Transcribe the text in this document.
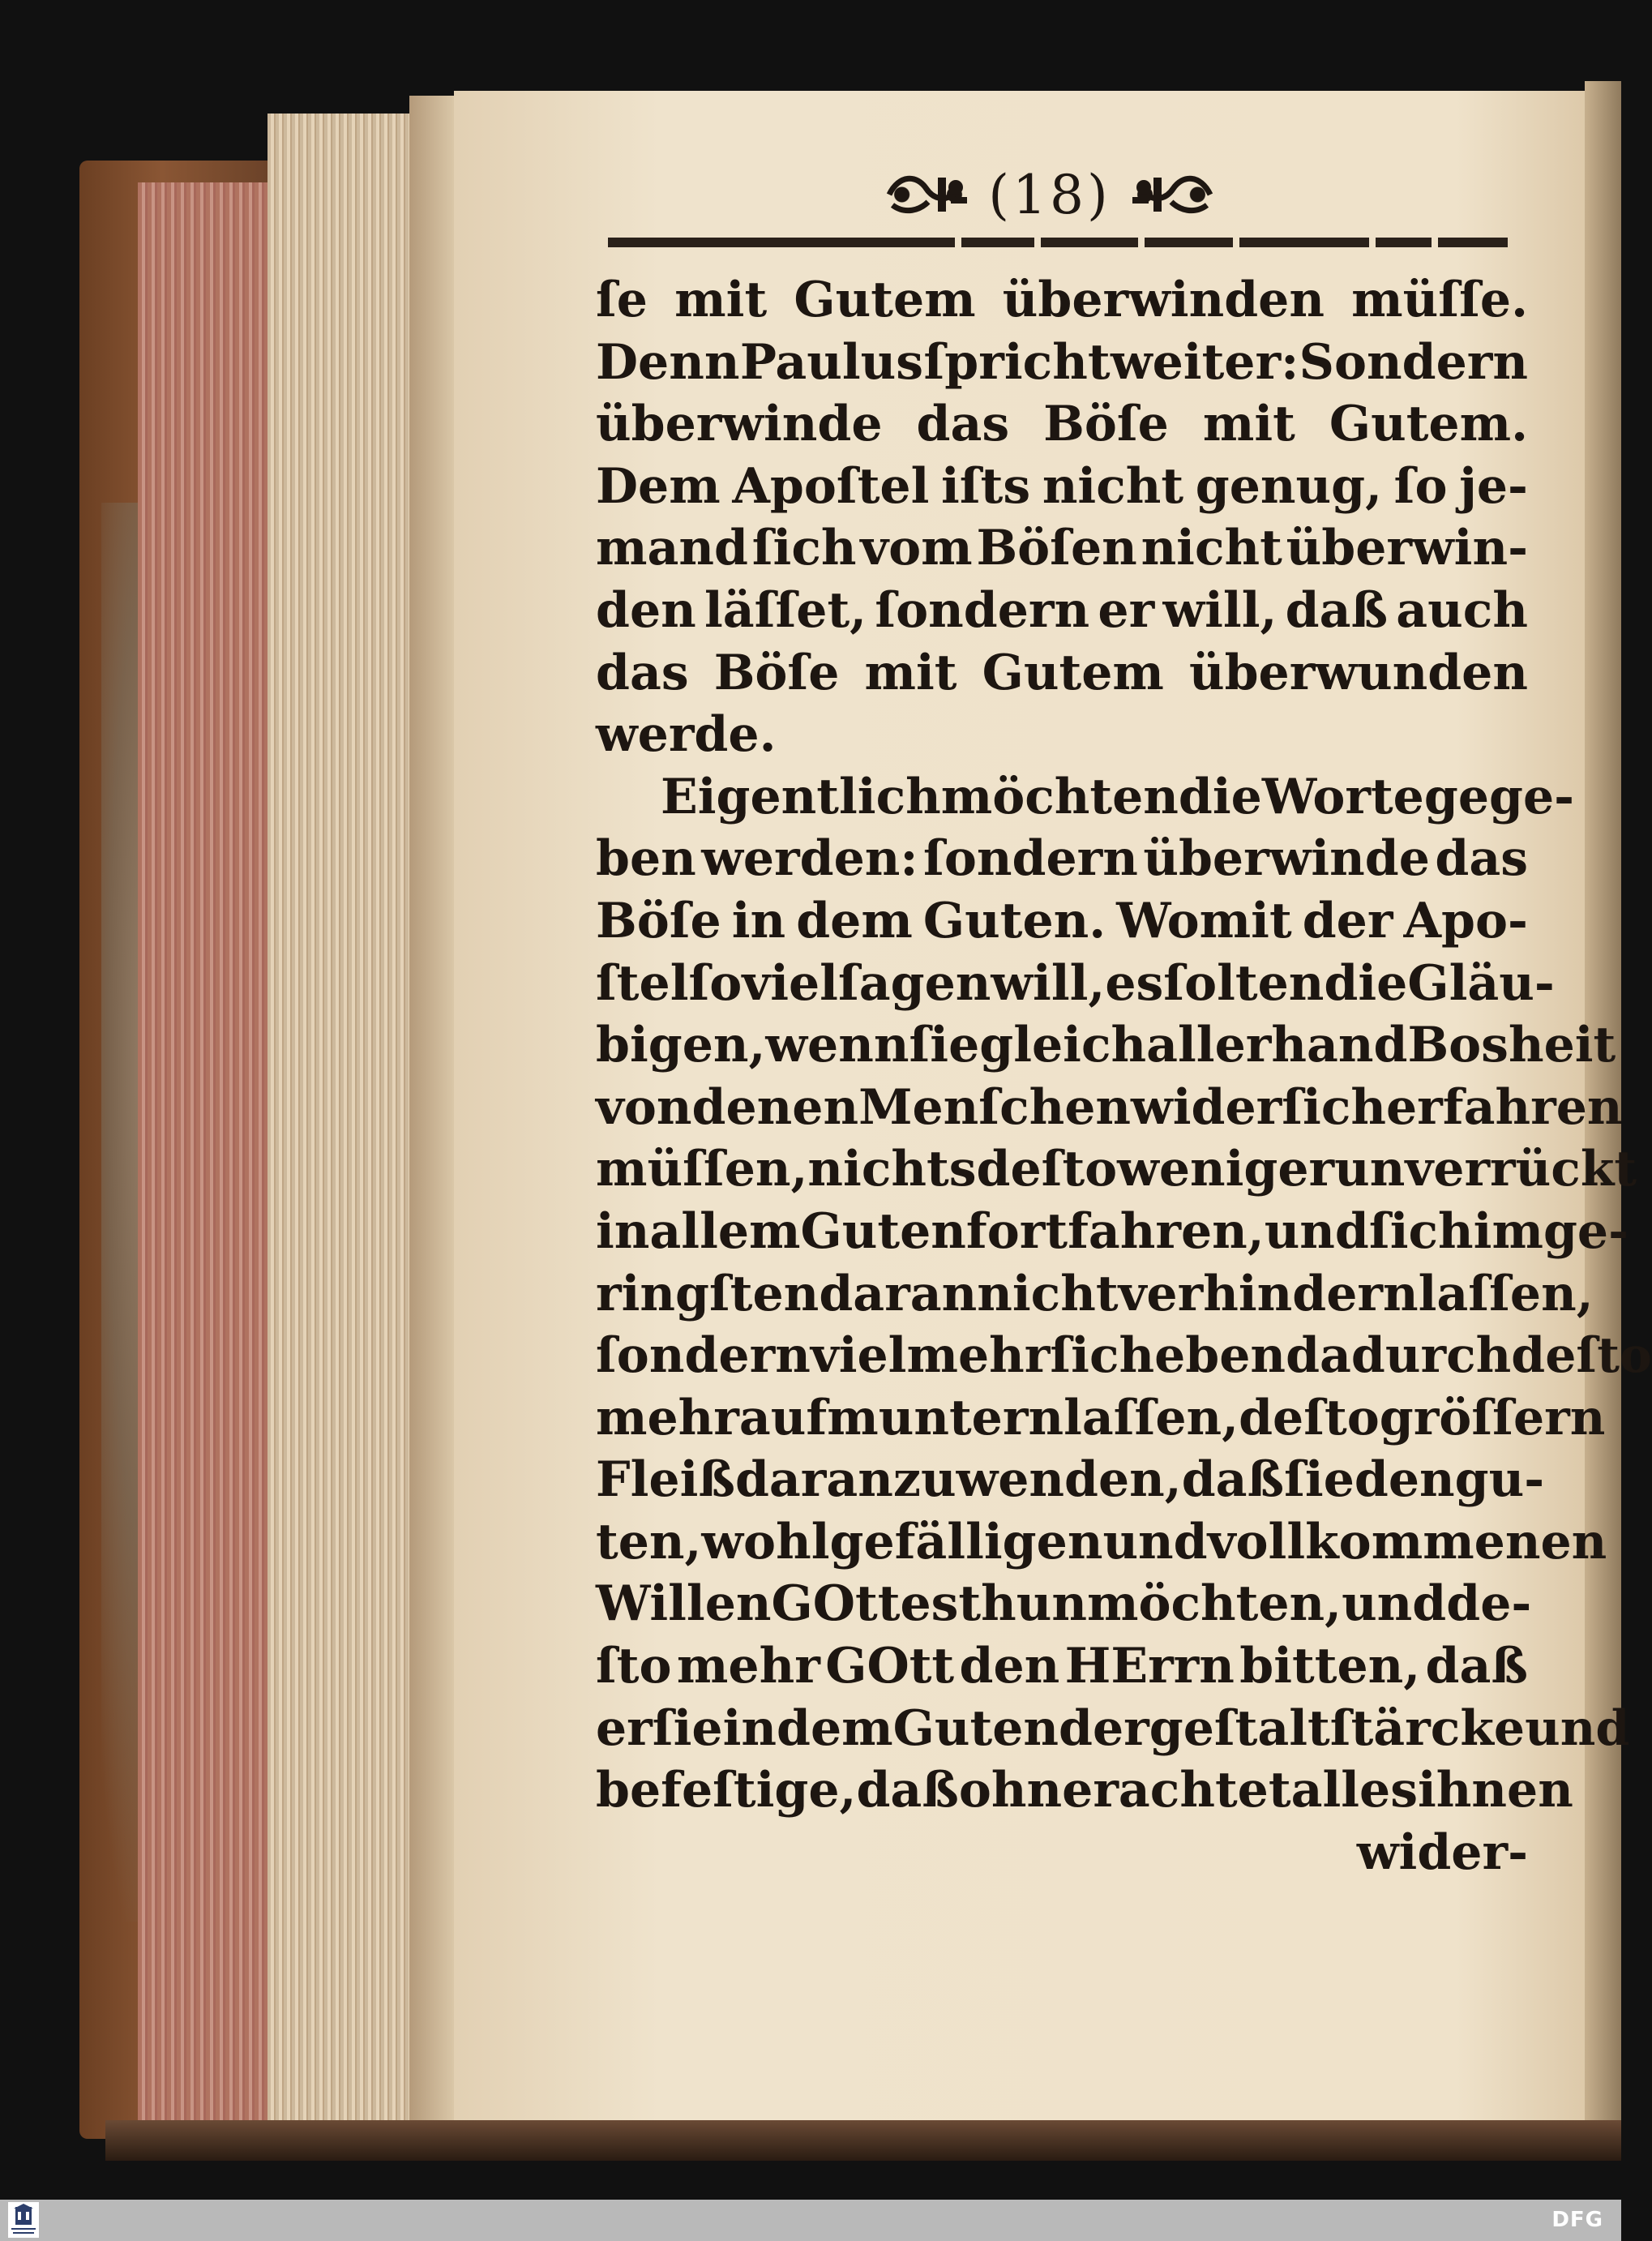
(18)
ſe mit Gutem überwinden müſſe.
Denn Paulus ſpricht weiter: Sondern
überwinde das Böſe mit Gutem.
Dem Apoſtel iſts nicht genug, ſo je-
mand ſich vom Böſen nicht überwin-
den läſſet, ſondern er will, daß auch
das Böſe mit Gutem überwunden
werde.
Eigentlich möchten die Worte gege-
ben werden: ſondern überwinde das
Böſe in dem Guten. Womit der Apo-
ſtel ſo viel ſagen will, es ſolten die Gläu-
bigen, wenn ſie gleich allerhand Bosheit
von denen Menſchen wider ſich erfahren
müſſen, nichts deſto weniger unverrückt
in allem Guten fortfahren, und ſich im ge-
ringſten daran nicht verhindern laſſen,
ſondern vielmehr ſich eben dadurch deſto
mehr aufmuntern laſſen, deſto gröſſern
Fleiß daran zu wenden, daß ſie den gu-
ten, wohlgefälligen und vollkommenen
Willen GOttes thun möchten, und de-
ſto mehr GOtt den HErrn bitten, daß
er ſie in dem Guten dergeſtalt ſtärcke und
befeſtige, daß ohnerachtet alles ihnen
wider-
DFG
